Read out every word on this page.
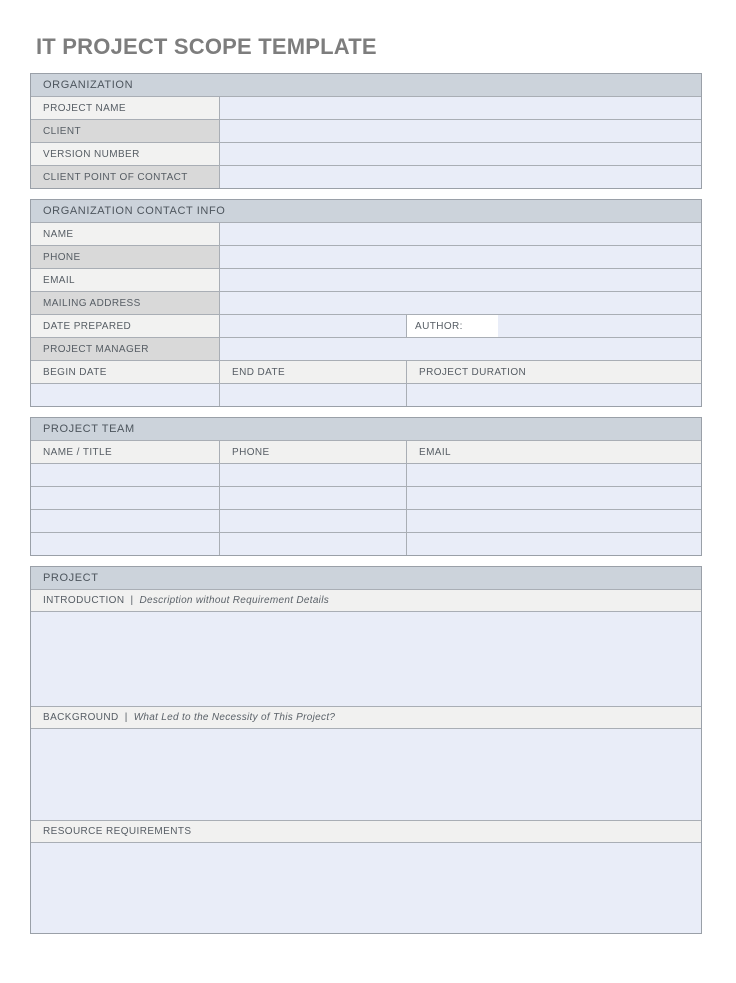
IT PROJECT SCOPE TEMPLATE
ORGANIZATION
PROJECT NAME
CLIENT
VERSION NUMBER
CLIENT POINT OF CONTACT
ORGANIZATION CONTACT INFO
NAME
PHONE
EMAIL
MAILING ADDRESS
DATE PREPARED	AUTHOR:
PROJECT MANAGER
BEGIN DATE	END DATE	PROJECT DURATION
PROJECT TEAM
NAME / TITLE	PHONE	EMAIL
PROJECT
INTRODUCTION | Description without Requirement Details
BACKGROUND | What Led to the Necessity of This Project?
RESOURCE REQUIREMENTS
